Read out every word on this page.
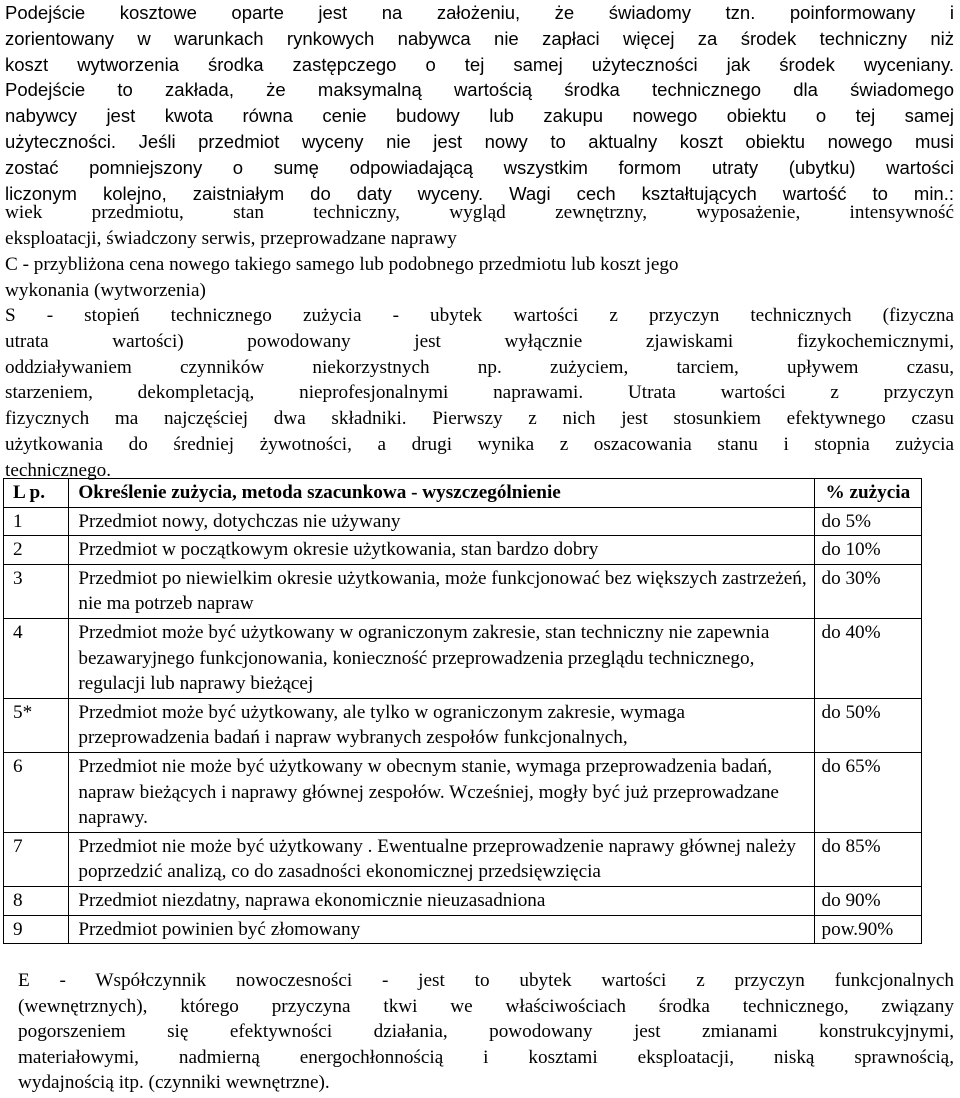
Podejście kosztowe oparte jest na założeniu, że świadomy tzn. poinformowany i
zorientowany w warunkach rynkowych nabywca nie zapłaci więcej za środek techniczny niż
koszt wytworzenia środka zastępczego o tej samej użyteczności jak środek wyceniany.
Podejście to zakłada, że maksymalną wartością środka technicznego dla świadomego
nabywcy jest kwota równa cenie budowy lub zakupu nowego obiektu o tej samej
użyteczności. Jeśli przedmiot wyceny nie jest nowy to aktualny koszt obiektu nowego musi
zostać pomniejszony o sumę odpowiadającą wszystkim formom utraty (ubytku) wartości
liczonym kolejno, zaistniałym do daty wyceny. Wagi cech kształtujących wartość to min.:

wiek przedmiotu, stan techniczny, wygląd zewnętrzny, wyposażenie, intensywność
eksploatacji, świadczony serwis, przeprowadzane naprawy

C - przybliżona cena nowego takiego samego lub podobnego przedmiotu lub koszt jego
wykonania (wytworzenia)

S - stopień technicznego zużycia - ubytek wartości z przyczyn technicznych (fizyczna
utrata wartości) powodowany jest wyłącznie zjawiskami fizykochemicznymi,
oddziaływaniem czynników niekorzystnych np. zużyciem, tarciem, upływem czasu,
starzeniem, dekompletacją, nieprofesjonalnymi naprawami. Utrata wartości z przyczyn
fizycznych ma najczęściej dwa składniki. Pierwszy z nich jest stosunkiem efektywnego czasu
użytkowania do średniej żywotności, a drugi wynika z oszacowania stanu i stopnia zużycia
technicznego.

L p.	Określenie zużycia, metoda szacunkowa - wyszczególnienie	% zużycia
1	Przedmiot nowy, dotychczas nie używany	do 5%
2	Przedmiot w początkowym okresie użytkowania, stan bardzo dobry	do 10%
3	Przedmiot po niewielkim okresie użytkowania, może funkcjonować bez większych zastrzeżeń, nie ma potrzeb napraw	do 30%
4	Przedmiot może być użytkowany w ograniczonym zakresie, stan techniczny nie zapewnia bezawaryjnego funkcjonowania, konieczność przeprowadzenia przeglądu technicznego, regulacji lub naprawy bieżącej	do 40%
5*	Przedmiot może być użytkowany, ale tylko w ograniczonym zakresie, wymaga przeprowadzenia badań i napraw wybranych zespołów funkcjonalnych,	do 50%
6	Przedmiot nie może być użytkowany w obecnym stanie, wymaga przeprowadzenia badań, napraw bieżących i naprawy głównej zespołów. Wcześniej, mogły być już przeprowadzane naprawy.	do 65%
7	Przedmiot nie może być użytkowany . Ewentualne przeprowadzenie naprawy głównej należy poprzedzić analizą, co do zasadności ekonomicznej przedsięwzięcia	do 85%
8	Przedmiot niezdatny, naprawa ekonomicznie nieuzasadniona	do 90%
9	Przedmiot powinien być złomowany	pow.90%

E - Współczynnik nowoczesności - jest to ubytek wartości z przyczyn funkcjonalnych
(wewnętrznych), którego przyczyna tkwi we właściwościach środka technicznego, związany
pogorszeniem się efektywności działania, powodowany jest zmianami konstrukcyjnymi,
materiałowymi, nadmierną energochłonnością i kosztami eksploatacji, niską sprawnością,
wydajnością itp. (czynniki wewnętrzne).
